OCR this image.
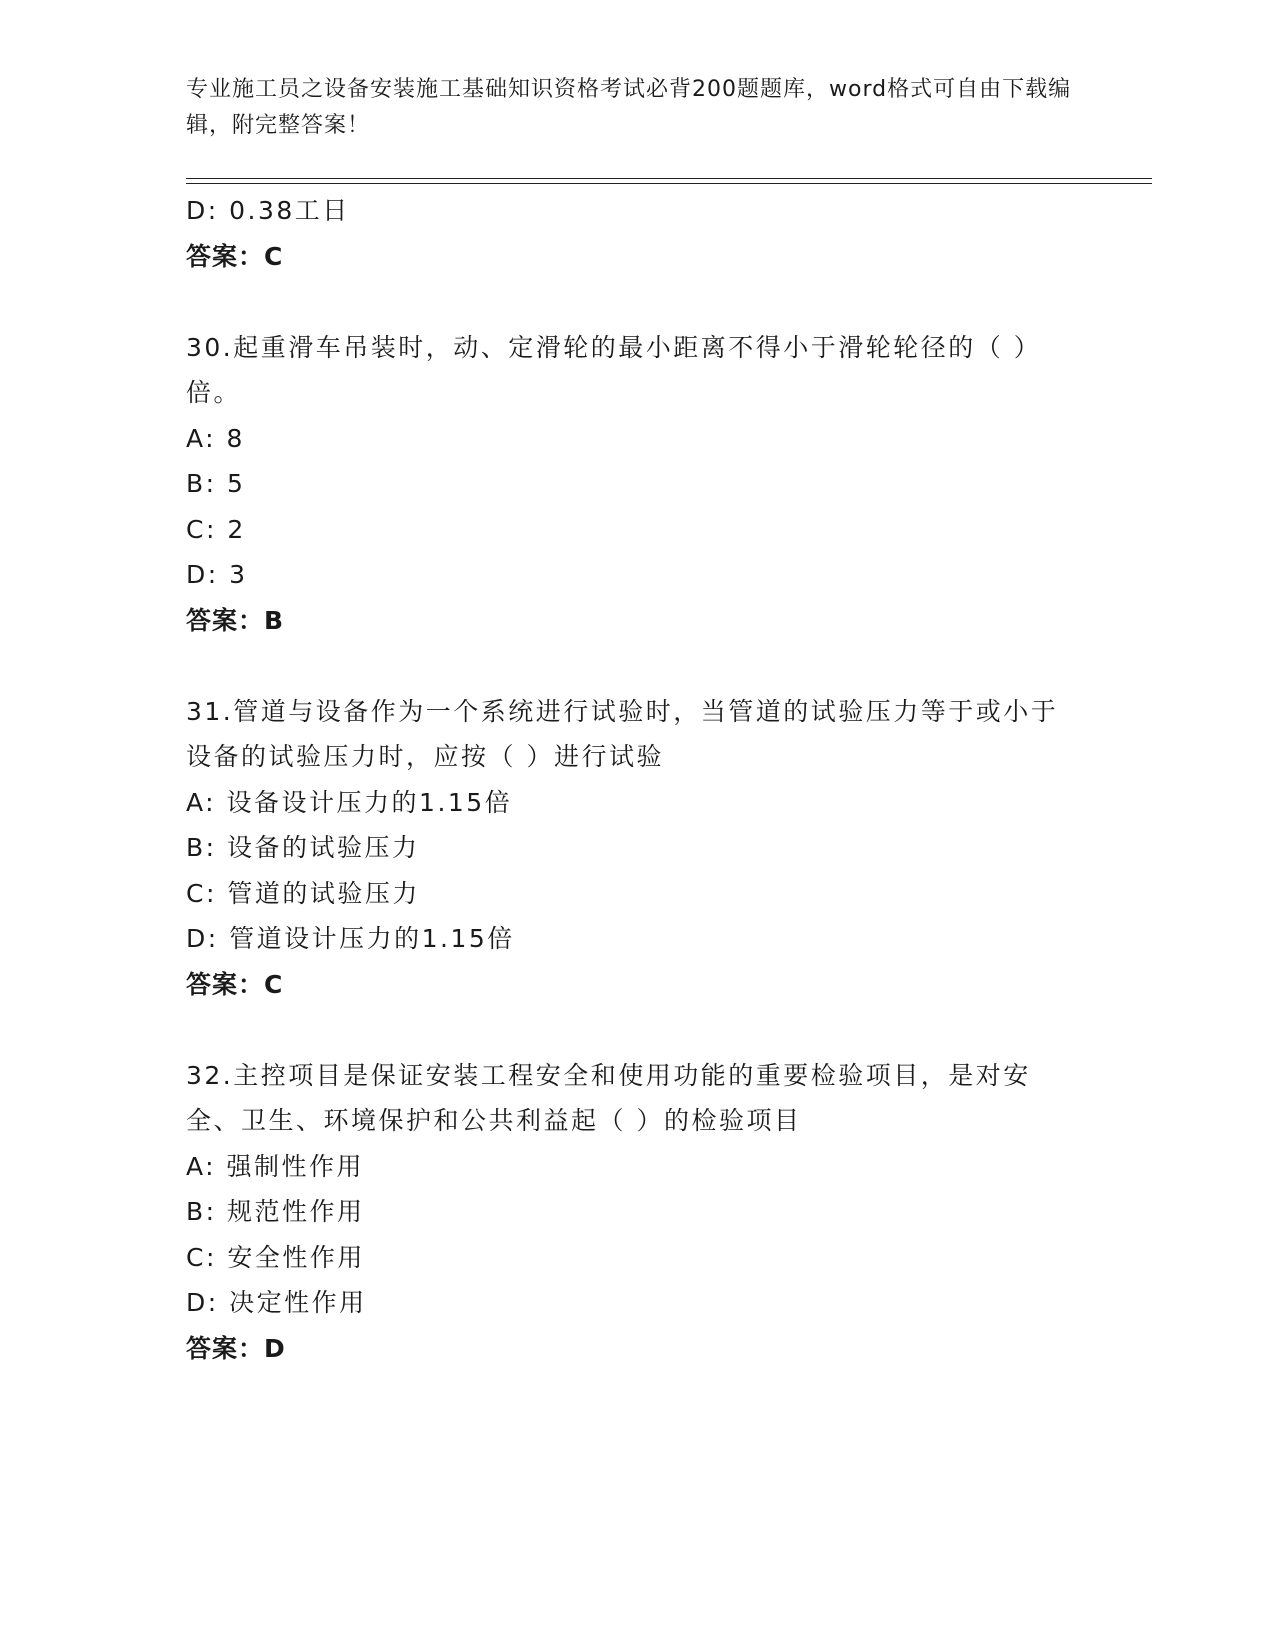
专业施工员之设备安装施工基础知识资格考试必背200题题库，word格式可自由下载编辑，附完整答案！
D: 0.38工日
答案：C
30.起重滑车吊装时，动、定滑轮的最小距离不得小于滑轮轮径的（ ）倍。
A: 8
B: 5
C: 2
D: 3
答案：B
31.管道与设备作为一个系统进行试验时，当管道的试验压力等于或小于设备的试验压力时，应按（ ）进行试验
A: 设备设计压力的1.15倍
B: 设备的试验压力
C: 管道的试验压力
D: 管道设计压力的1.15倍
答案：C
32.主控项目是保证安装工程安全和使用功能的重要检验项目，是对安全、卫生、环境保护和公共利益起（ ）的检验项目
A: 强制性作用
B: 规范性作用
C: 安全性作用
D: 决定性作用
答案：D
